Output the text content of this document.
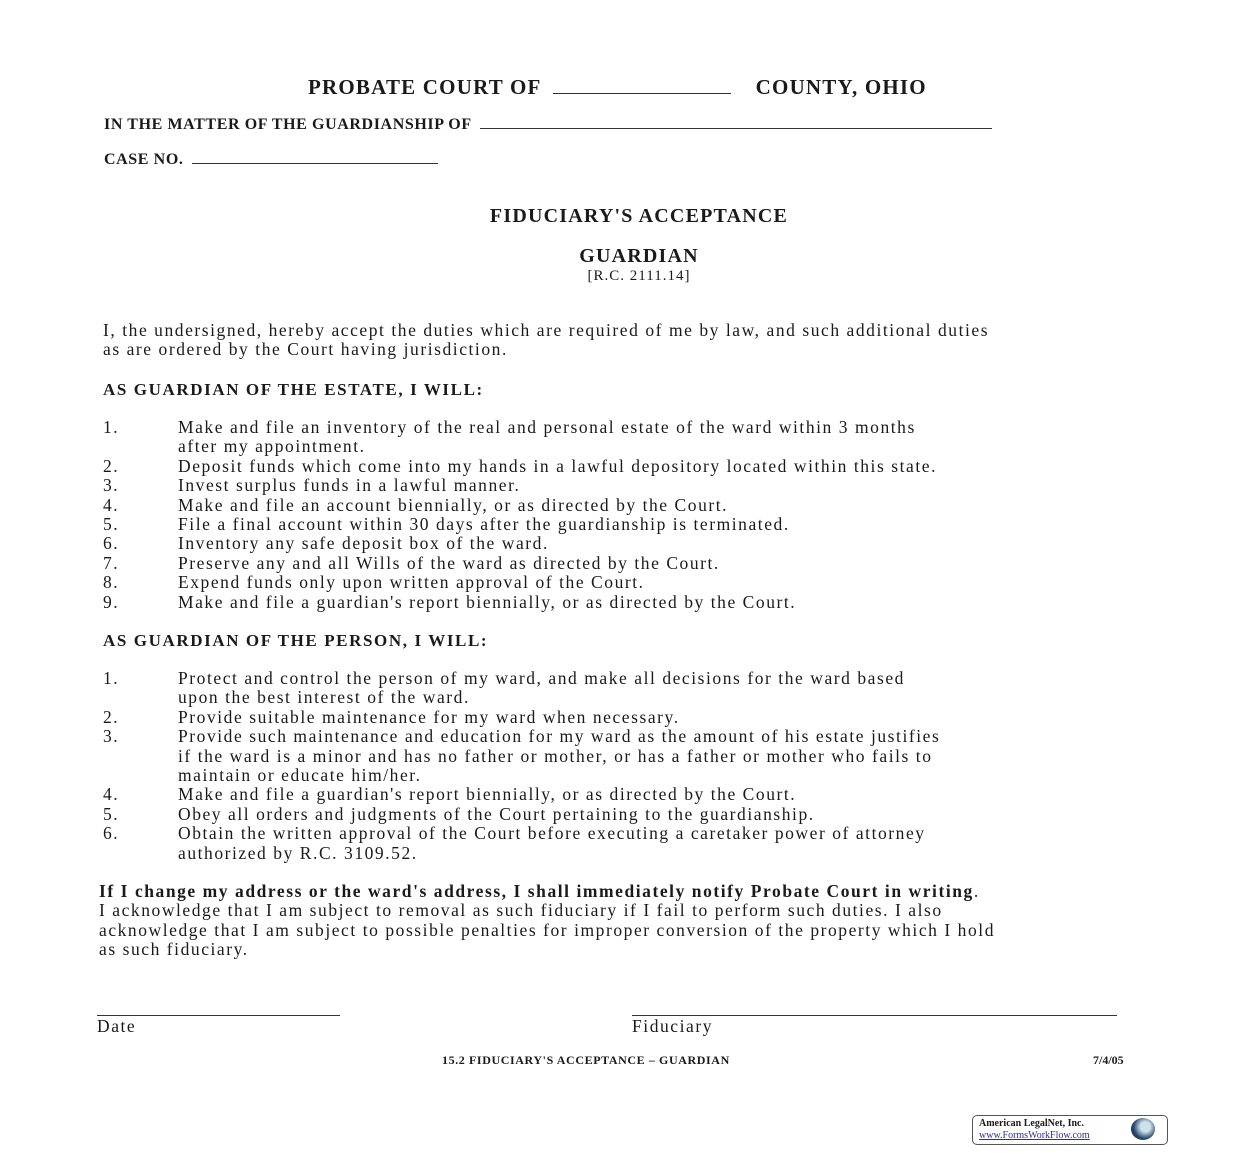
PROBATE COURT OF	COUNTY, OHIO
IN THE MATTER OF THE GUARDIANSHIP OF
CASE NO.
FIDUCIARY'S ACCEPTANCE
GUARDIAN
[R.C. 2111.14]
I, the undersigned, hereby accept the duties which are required of me by law, and such additional duties
as are ordered by the Court having jurisdiction.
AS GUARDIAN OF THE ESTATE, I WILL:
1.	Make and file an inventory of the real and personal estate of the ward within 3 months
after my appointment.
2.	Deposit funds which come into my hands in a lawful depository located within this state.
3.	Invest surplus funds in a lawful manner.
4.	Make and file an account biennially, or as directed by the Court.
5.	File a final account within 30 days after the guardianship is terminated.
6.	Inventory any safe deposit box of the ward.
7.	Preserve any and all Wills of the ward as directed by the Court.
8.	Expend funds only upon written approval of the Court.
9.	Make and file a guardian's report biennially, or as directed by the Court.
AS GUARDIAN OF THE PERSON, I WILL:
1.	Protect and control the person of my ward, and make all decisions for the ward based
upon the best interest of the ward.
2.	Provide suitable maintenance for my ward when necessary.
3.	Provide such maintenance and education for my ward as the amount of his estate justifies
if the ward is a minor and has no father or mother, or has a father or mother who fails to
maintain or educate him/her.
4.	Make and file a guardian's report biennially, or as directed by the Court.
5.	Obey all orders and judgments of the Court pertaining to the guardianship.
6.	Obtain the written approval of the Court before executing a caretaker power of attorney
authorized by R.C. 3109.52.
If I change my address or the ward's address, I shall immediately notify Probate Court in writing.
I acknowledge that I am subject to removal as such fiduciary if I fail to perform such duties. I also
acknowledge that I am subject to possible penalties for improper conversion of the property which I hold
as such fiduciary.
Date	Fiduciary
15.2 FIDUCIARY'S ACCEPTANCE – GUARDIAN	7/4/05
American LegalNet, Inc.
www.FormsWorkFlow.com
